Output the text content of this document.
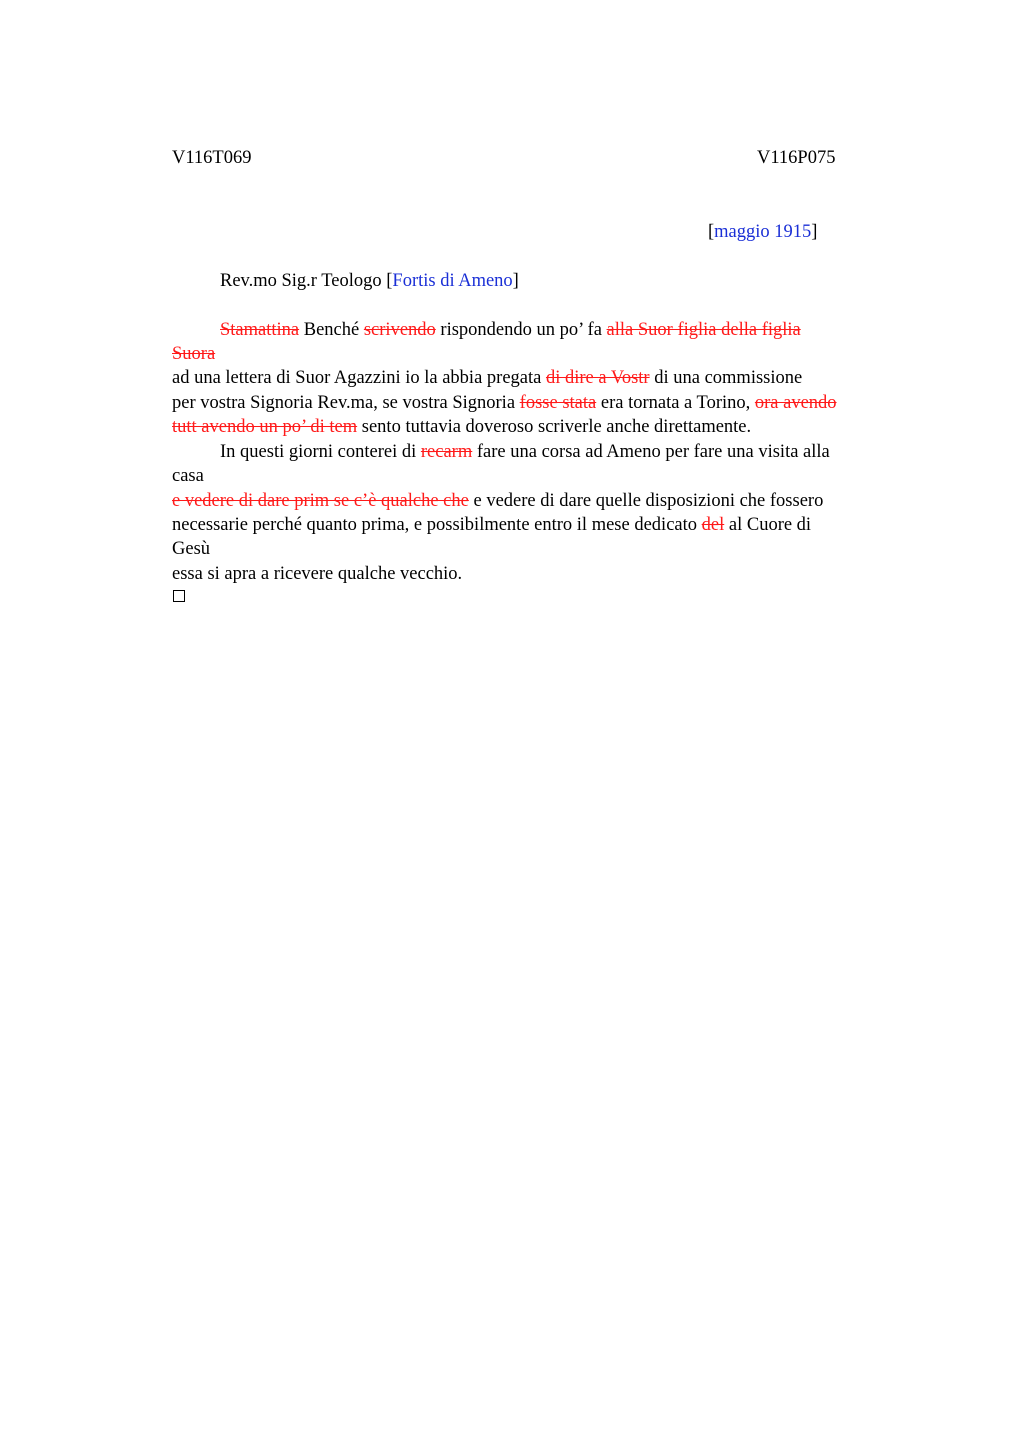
V116T069	V116P075
[maggio 1915]
Rev.mo Sig.r Teologo [Fortis di Ameno]
Stamattina Benché scrivendo rispondendo un po’ fa alla Suor figlia della figlia
Suora
ad una lettera di Suor Agazzini io la abbia pregata di dire a Vostr di una commissione
per vostra Signoria Rev.ma, se vostra Signoria fosse stata era tornata a Torino, ora avendo
tutt avendo un po’ di tem sento tuttavia doveroso scriverle anche direttamente.
In questi giorni conterei di recarm fare una corsa ad Ameno per fare una visita alla
casa
e vedere di dare prim se c’è qualche che e vedere di dare quelle disposizioni che fossero
necessarie perché quanto prima, e possibilmente entro il mese dedicato del al Cuore di
Gesù
essa si apra a ricevere qualche vecchio.
